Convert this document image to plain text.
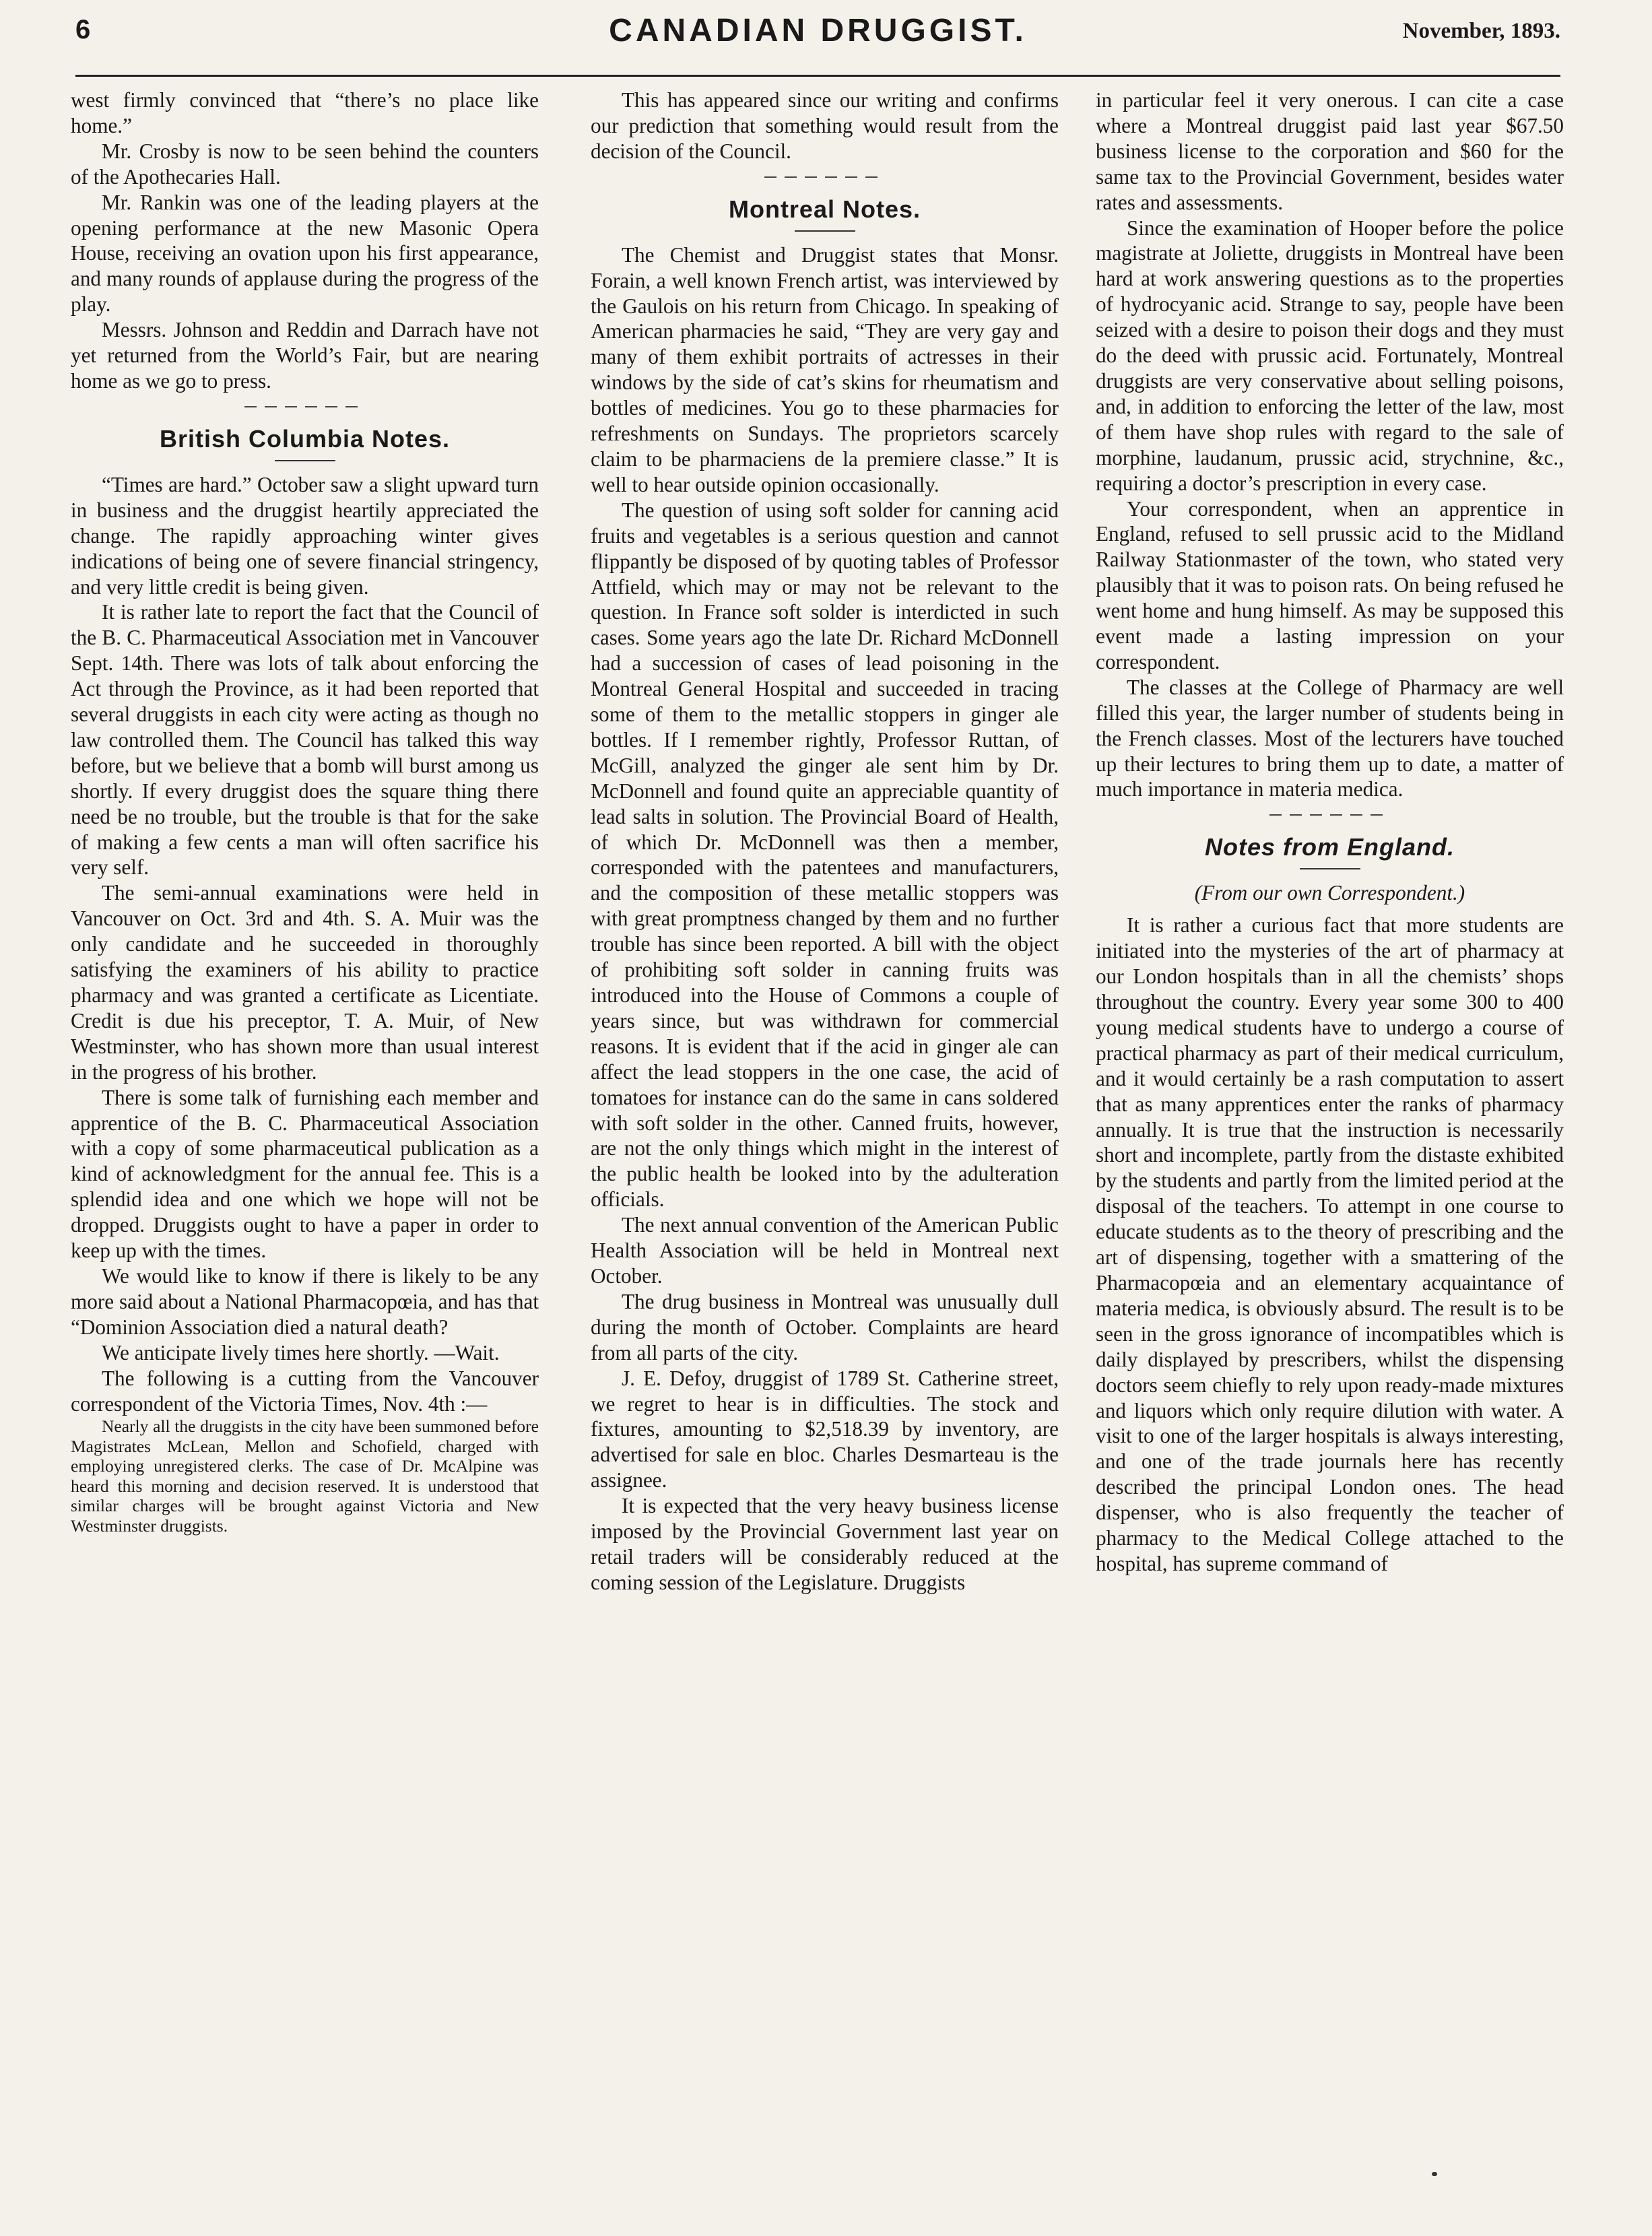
6	CANADIAN DRUGGIST.	November, 1893.

west firmly convinced that “there’s no place like home.”

Mr. Crosby is now to be seen behind the counters of the Apothecaries Hall.

Mr. Rankin was one of the leading players at the opening performance at the new Masonic Opera House, receiving an ovation upon his first appearance, and many rounds of applause during the progress of the play.

Messrs. Johnson and Reddin and Darrach have not yet returned from the World’s Fair, but are nearing home as we go to press.

British Columbia Notes.

“Times are hard.” October saw a slight upward turn in business and the druggist heartily appreciated the change. The rapidly approaching winter gives indications of being one of severe financial stringency, and very little credit is being given.

It is rather late to report the fact that the Council of the B. C. Pharmaceutical Association met in Vancouver Sept. 14th. There was lots of talk about enforcing the Act through the Province, as it had been reported that several druggists in each city were acting as though no law controlled them. The Council has talked this way before, but we believe that a bomb will burst among us shortly. If every druggist does the square thing there need be no trouble, but the trouble is that for the sake of making a few cents a man will often sacrifice his very self.

The semi-annual examinations were held in Vancouver on Oct. 3rd and 4th. S. A. Muir was the only candidate and he succeeded in thoroughly satisfying the examiners of his ability to practice pharmacy and was granted a certificate as Licentiate. Credit is due his preceptor, T. A. Muir, of New Westminster, who has shown more than usual interest in the progress of his brother.

There is some talk of furnishing each member and apprentice of the B. C. Pharmaceutical Association with a copy of some pharmaceutical publication as a kind of acknowledgment for the annual fee. This is a splendid idea and one which we hope will not be dropped. Druggists ought to have a paper in order to keep up with the times.

We would like to know if there is likely to be any more said about a National Pharmacopœia, and has that “Dominion Association died a natural death?

We anticipate lively times here shortly. —Wait.

The following is a cutting from the Vancouver correspondent of the Victoria Times, Nov. 4th :—

Nearly all the druggists in the city have been summoned before Magistrates McLean, Mellon and Schofield, charged with employing unregistered clerks. The case of Dr. McAlpine was heard this morning and decision reserved. It is understood that similar charges will be brought against Victoria and New Westminster druggists.

This has appeared since our writing and confirms our prediction that something would result from the decision of the Council.

Montreal Notes.

The Chemist and Druggist states that Monsr. Forain, a well known French artist, was interviewed by the Gaulois on his return from Chicago. In speaking of American pharmacies he said, “They are very gay and many of them exhibit portraits of actresses in their windows by the side of cat’s skins for rheumatism and bottles of medicines. You go to these pharmacies for refreshments on Sundays. The proprietors scarcely claim to be pharmaciens de la premiere classe.” It is well to hear outside opinion occasionally.

The question of using soft solder for canning acid fruits and vegetables is a serious question and cannot flippantly be disposed of by quoting tables of Professor Attfield, which may or may not be relevant to the question. In France soft solder is interdicted in such cases. Some years ago the late Dr. Richard McDonnell had a succession of cases of lead poisoning in the Montreal General Hospital and succeeded in tracing some of them to the metallic stoppers in ginger ale bottles. If I remember rightly, Professor Ruttan, of McGill, analyzed the ginger ale sent him by Dr. McDonnell and found quite an appreciable quantity of lead salts in solution. The Provincial Board of Health, of which Dr. McDonnell was then a member, corresponded with the patentees and manufacturers, and the composition of these metallic stoppers was with great promptness changed by them and no further trouble has since been reported. A bill with the object of prohibiting soft solder in canning fruits was introduced into the House of Commons a couple of years since, but was withdrawn for commercial reasons. It is evident that if the acid in ginger ale can affect the lead stoppers in the one case, the acid of tomatoes for instance can do the same in cans soldered with soft solder in the other. Canned fruits, however, are not the only things which might in the interest of the public health be looked into by the adulteration officials.

The next annual convention of the American Public Health Association will be held in Montreal next October.

The drug business in Montreal was unusually dull during the month of October. Complaints are heard from all parts of the city.

J. E. Defoy, druggist of 1789 St. Catherine street, we regret to hear is in difficulties. The stock and fixtures, amounting to $2,518.39 by inventory, are advertised for sale en bloc. Charles Desmarteau is the assignee.

It is expected that the very heavy business license imposed by the Provincial Government last year on retail traders will be considerably reduced at the coming session of the Legislature. Druggists

in particular feel it very onerous. I can cite a case where a Montreal druggist paid last year $67.50 business license to the corporation and $60 for the same tax to the Provincial Government, besides water rates and assessments.

Since the examination of Hooper before the police magistrate at Joliette, druggists in Montreal have been hard at work answering questions as to the properties of hydrocyanic acid. Strange to say, people have been seized with a desire to poison their dogs and they must do the deed with prussic acid. Fortunately, Montreal druggists are very conservative about selling poisons, and, in addition to enforcing the letter of the law, most of them have shop rules with regard to the sale of morphine, laudanum, prussic acid, strychnine, &c., requiring a doctor’s prescription in every case.

Your correspondent, when an apprentice in England, refused to sell prussic acid to the Midland Railway Stationmaster of the town, who stated very plausibly that it was to poison rats. On being refused he went home and hung himself. As may be supposed this event made a lasting impression on your correspondent.

The classes at the College of Pharmacy are well filled this year, the larger number of students being in the French classes. Most of the lecturers have touched up their lectures to bring them up to date, a matter of much importance in materia medica.

Notes from England.
(From our own Correspondent.)

It is rather a curious fact that more students are initiated into the mysteries of the art of pharmacy at our London hospitals than in all the chemists’ shops throughout the country. Every year some 300 to 400 young medical students have to undergo a course of practical pharmacy as part of their medical curriculum, and it would certainly be a rash computation to assert that as many apprentices enter the ranks of pharmacy annually. It is true that the instruction is necessarily short and incomplete, partly from the distaste exhibited by the students and partly from the limited period at the disposal of the teachers. To attempt in one course to educate students as to the theory of prescribing and the art of dispensing, together with a smattering of the Pharmacopœia and an elementary acquaintance of materia medica, is obviously absurd. The result is to be seen in the gross ignorance of incompatibles which is daily displayed by prescribers, whilst the dispensing doctors seem chiefly to rely upon ready-made mixtures and liquors which only require dilution with water. A visit to one of the larger hospitals is always interesting, and one of the trade journals here has recently described the principal London ones. The head dispenser, who is also frequently the teacher of pharmacy to the Medical College attached to the hospital, has supreme command of
